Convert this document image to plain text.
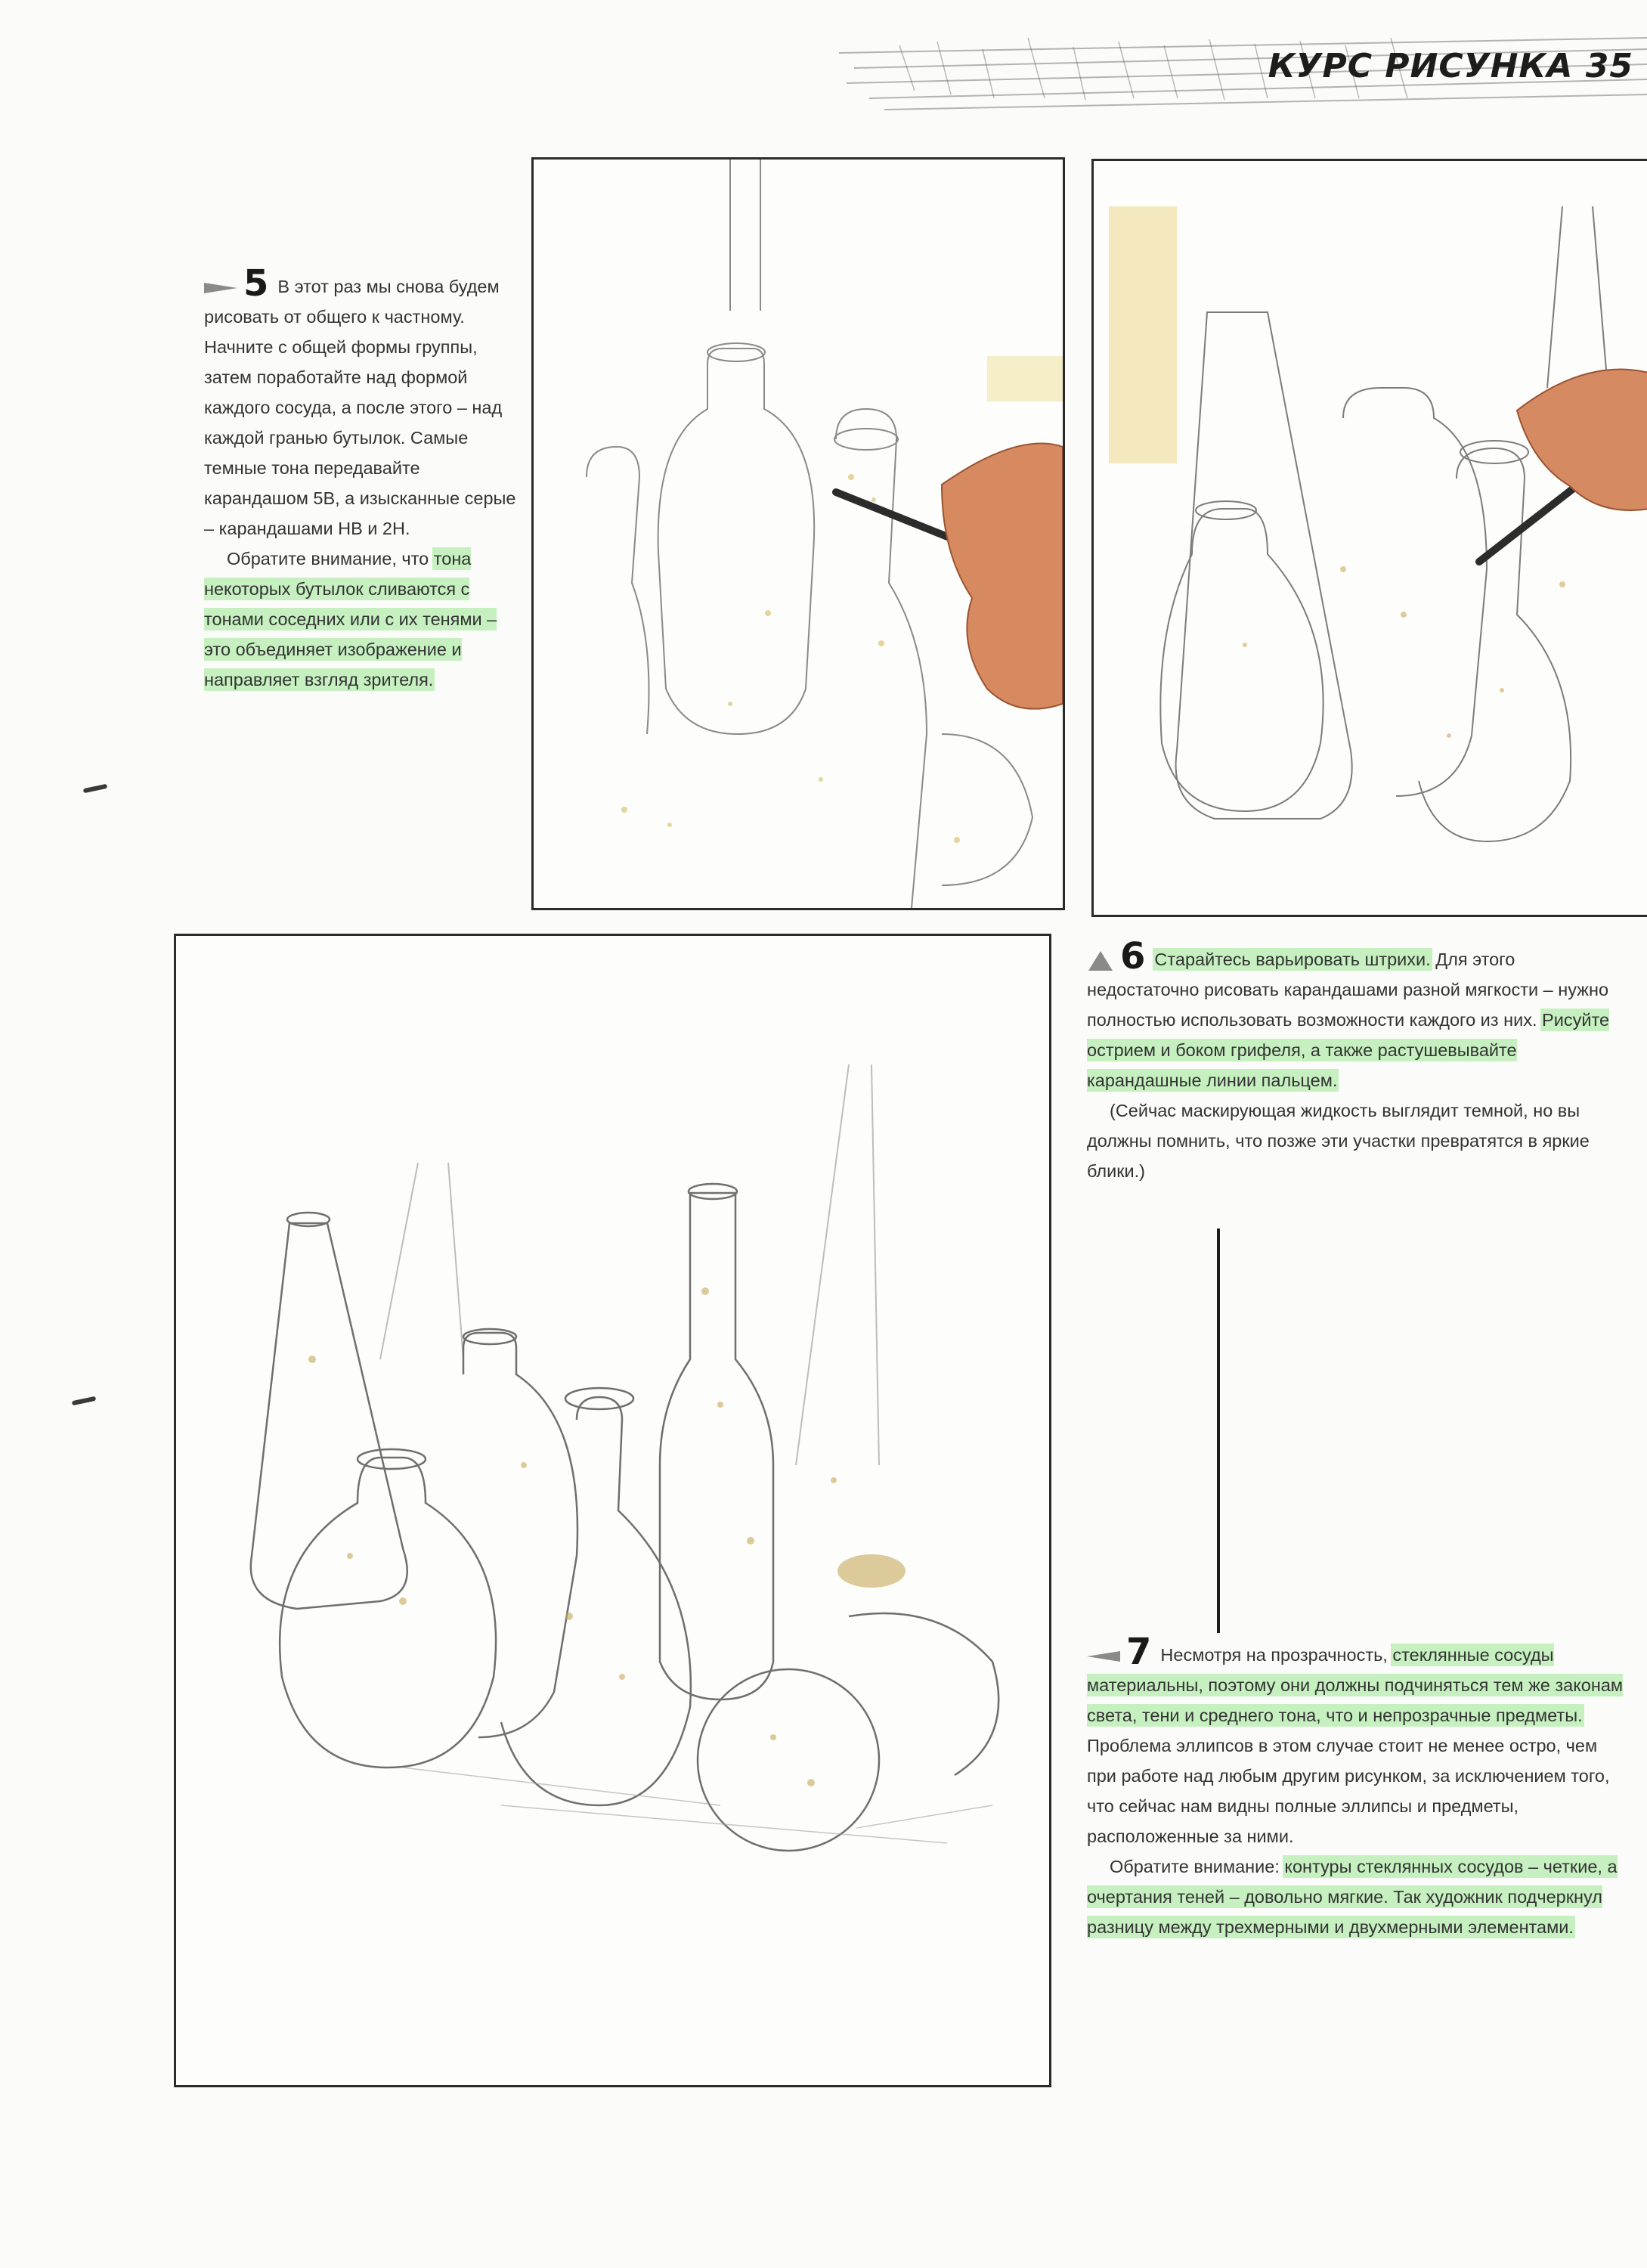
КУРС РИСУНКА 35

5 В этот раз мы снова будем рисовать от общего к частному. Начните с общей формы группы, затем поработайте над формой каждого сосуда, а после этого – над каждой гранью бутылок. Самые темные тона передавайте карандашом 5В, а изысканные серые – карандашами НВ и 2Н.

Обратите внимание, что тона некоторых бутылок сливаются с тонами соседних или с их тенями – это объединяет изображение и направляет взгляд зрителя.

6 Старайтесь варьировать штрихи. Для этого недостаточно рисовать карандашами разной мягкости – нужно полностью использовать возможности каждого из них. Рисуйте острием и боком грифеля, а также растушевывайте карандашные линии пальцем.

(Сейчас маскирующая жидкость выглядит темной, но вы должны помнить, что позже эти участки превратятся в яркие блики.)

7 Несмотря на прозрачность, стеклянные сосуды материальны, поэтому они должны подчиняться тем же законам света, тени и среднего тона, что и непрозрачные предметы. Проблема эллипсов в этом случае стоит не менее остро, чем при работе над любым другим рисунком, за исключением того, что сейчас нам видны полные эллипсы и предметы, расположенные за ними.

Обратите внимание: контуры стеклянных сосудов – четкие, а очертания теней – довольно мягкие. Так художник подчеркнул разницу между трехмерными и двухмерными элементами.
